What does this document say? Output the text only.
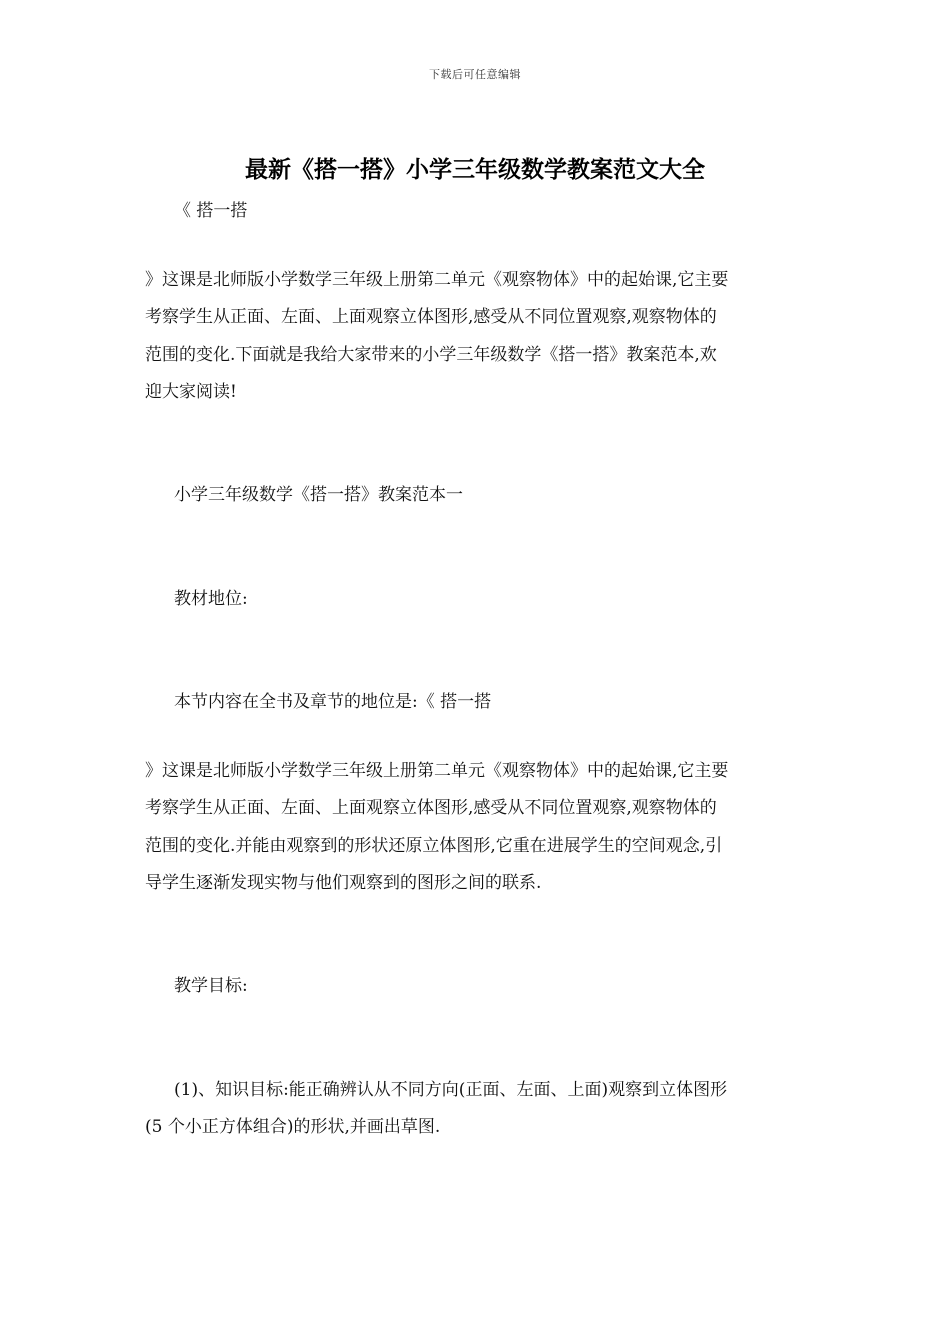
下载后可任意编辑
最新《搭一搭》小学三年级数学教案范文大全

《 搭一搭

》这课是北师版小学数学三年级上册第二单元《观察物体》中的起始课,它主要

考察学生从正面、左面、上面观察立体图形,感受从不同位置观察,观察物体的

范围的变化.下面就是我给大家带来的小学三年级数学《搭一搭》教案范本,欢

迎大家阅读!

小学三年级数学《搭一搭》教案范本一

教材地位:

本节内容在全书及章节的地位是:《 搭一搭

》这课是北师版小学数学三年级上册第二单元《观察物体》中的起始课,它主要

考察学生从正面、左面、上面观察立体图形,感受从不同位置观察,观察物体的

范围的变化.并能由观察到的形状还原立体图形,它重在进展学生的空间观念,引

导学生逐渐发现实物与他们观察到的图形之间的联系.

教学目标:

(1)、知识目标:能正确辨认从不同方向(正面、左面、上面)观察到立体图形

(5 个小正方体组合)的形状,并画出草图.
